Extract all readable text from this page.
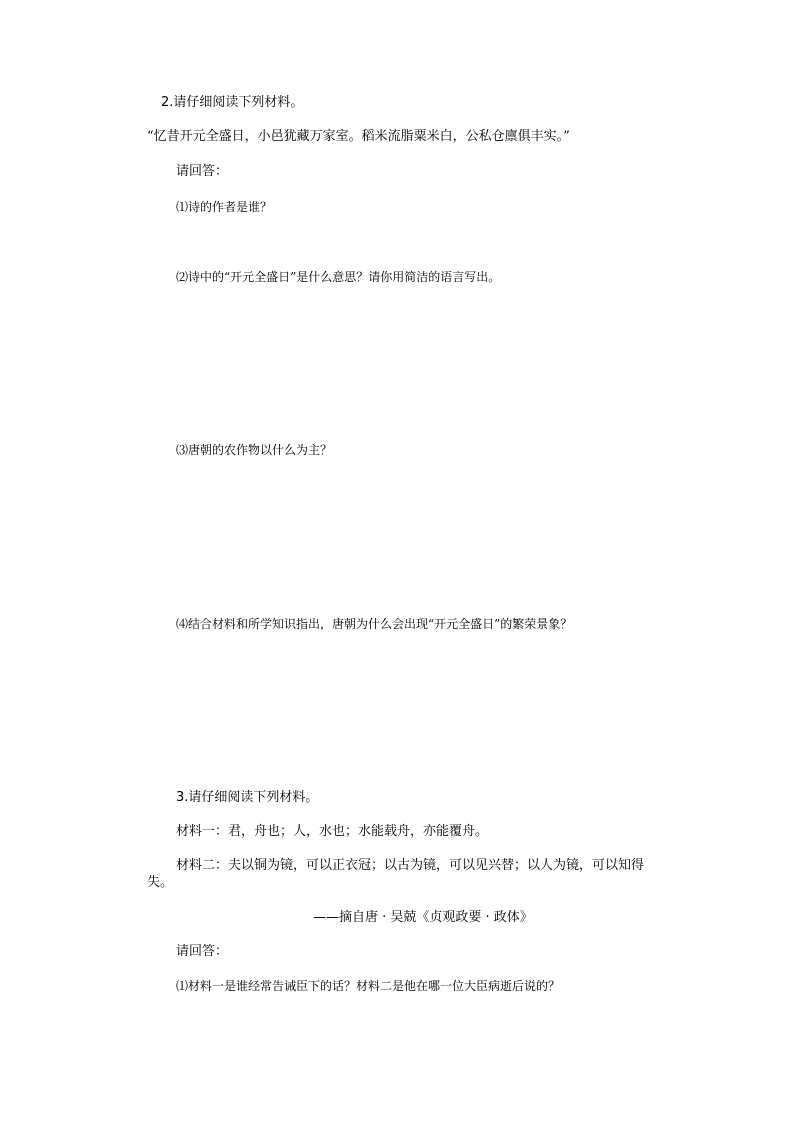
2.请仔细阅读下列材料。
“忆昔开元全盛日，小邑犹藏万家室。稻米流脂粟米白，公私仓廪俱丰实。”
请回答：
⑴诗的作者是谁？
⑵诗中的“开元全盛日”是什么意思？请你用简洁的语言写出。
⑶唐朝的农作物以什么为主？
⑷结合材料和所学知识指出，唐朝为什么会出现“开元全盛日”的繁荣景象？
3.请仔细阅读下列材料。
材料一：君，舟也；人，水也；水能载舟，亦能覆舟。
材料二：夫以铜为镜，可以正衣冠；以古为镜，可以见兴替；以人为镜，可以知得
失。
——摘自唐 · 吴兢《贞观政要 · 政体》
请回答：
⑴材料一是谁经常告诫臣下的话？材料二是他在哪一位大臣病逝后说的？
